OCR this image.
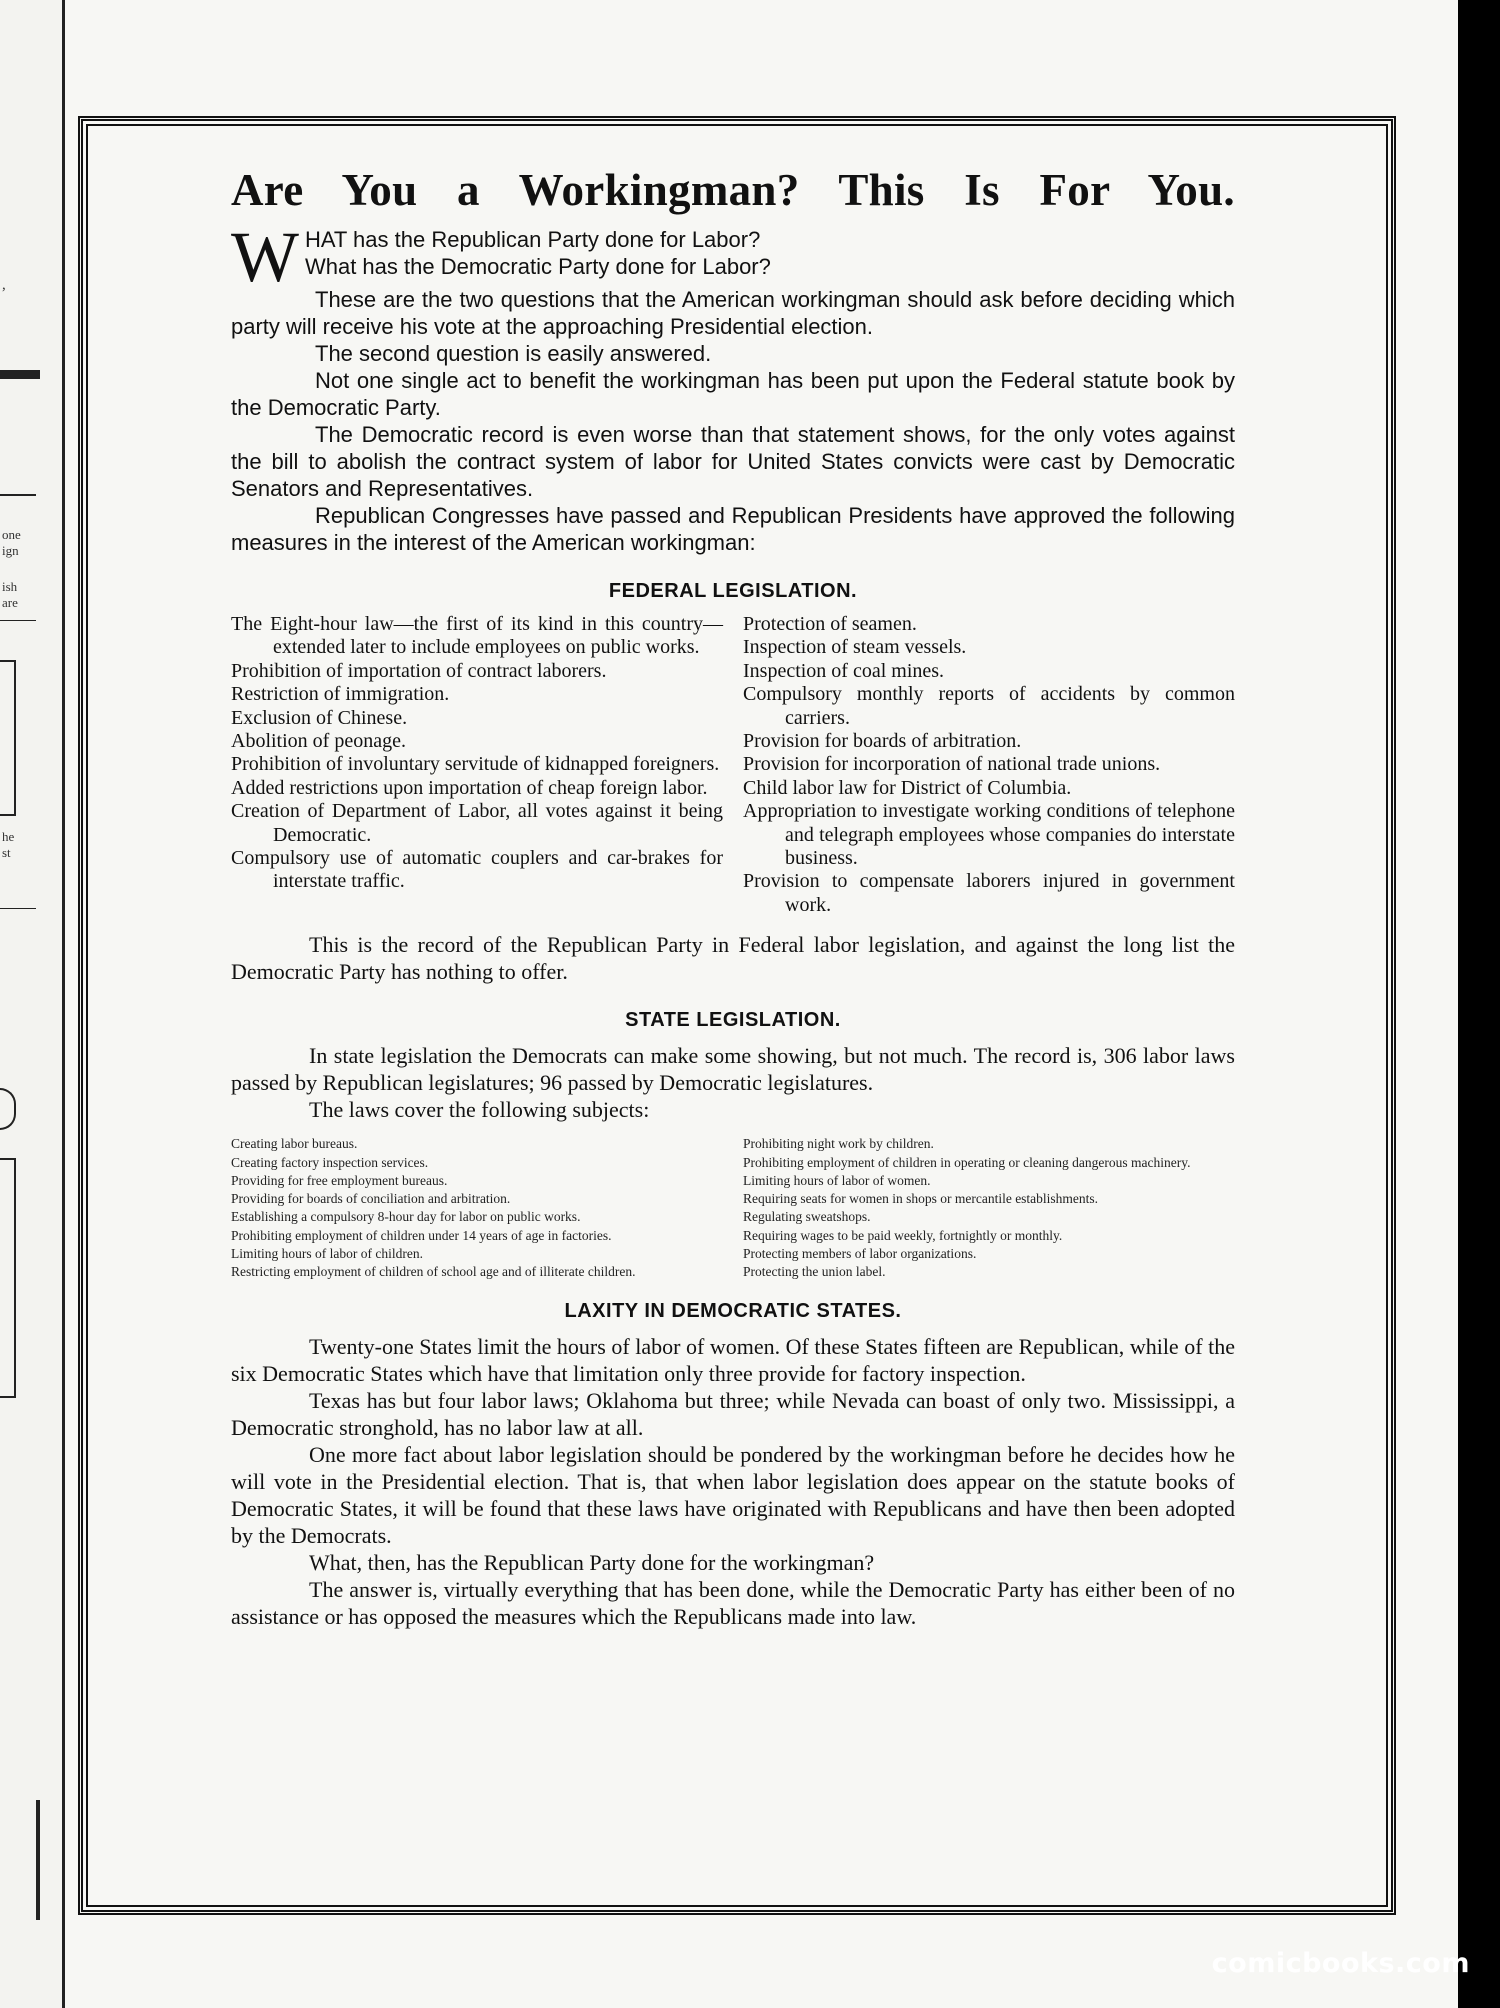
,
one
ign
ish
are
he
st
Are You a Workingman? This Is For You.
W HAT has the Republican Party done for Labor?

What has the Democratic Party done for Labor?

These are the two questions that the American workingman should ask before deciding which party will receive his vote at the approaching Presidential election.

The second question is easily answered.

Not one single act to benefit the workingman has been put upon the Federal statute book by the Democratic Party.

The Democratic record is even worse than that statement shows, for the only votes against the bill to abolish the contract system of labor for United States convicts were cast by Democratic Senators and Representatives.

Republican Congresses have passed and Republican Presidents have approved the following measures in the interest of the American workingman:

FEDERAL LEGISLATION.
The Eight-hour law—the first of its kind in this country—extended later to include employees on public works.
Prohibition of importation of contract laborers.
Restriction of immigration.
Exclusion of Chinese.
Abolition of peonage.
Prohibition of involuntary servitude of kidnapped foreigners.
Added restrictions upon importation of cheap foreign labor.
Creation of Department of Labor, all votes against it being Democratic.
Compulsory use of automatic couplers and car-brakes for interstate traffic.
Protection of seamen.
Inspection of steam vessels.
Inspection of coal mines.
Compulsory monthly reports of accidents by common carriers.
Provision for boards of arbitration.
Provision for incorporation of national trade unions.
Child labor law for District of Columbia.
Appropriation to investigate working conditions of telephone and telegraph employees whose companies do interstate business.
Provision to compensate laborers injured in government work.

This is the record of the Republican Party in Federal labor legislation, and against the long list the Democratic Party has nothing to offer.

STATE LEGISLATION.

In state legislation the Democrats can make some showing, but not much. The record is, 306 labor laws passed by Republican legislatures; 96 passed by Democratic legislatures.

The laws cover the following subjects:

Creating labor bureaus.
Creating factory inspection services.
Providing for free employment bureaus.
Providing for boards of conciliation and arbitration.
Establishing a compulsory 8-hour day for labor on public works.
Prohibiting employment of children under 14 years of age in factories.
Limiting hours of labor of children.
Restricting employment of children of school age and of illiterate children.
Prohibiting night work by children.
Prohibiting employment of children in operating or cleaning dangerous machinery.
Limiting hours of labor of women.
Requiring seats for women in shops or mercantile establishments.
Regulating sweatshops.
Requiring wages to be paid weekly, fortnightly or monthly.
Protecting members of labor organizations.
Protecting the union label.
LAXITY IN DEMOCRATIC STATES.

Twenty-one States limit the hours of labor of women. Of these States fifteen are Republican, while of the six Democratic States which have that limitation only three provide for factory inspection.

Texas has but four labor laws; Oklahoma but three; while Nevada can boast of only two. Mississippi, a Democratic stronghold, has no labor law at all.

One more fact about labor legislation should be pondered by the workingman before he decides how he will vote in the Presidential election. That is, that when labor legislation does appear on the statute books of Democratic States, it will be found that these laws have originated with Republicans and have then been adopted by the Democrats.

What, then, has the Republican Party done for the workingman?

The answer is, virtually everything that has been done, while the Democratic Party has either been of no assistance or has opposed the measures which the Republicans made into law.

comicbooks.com
